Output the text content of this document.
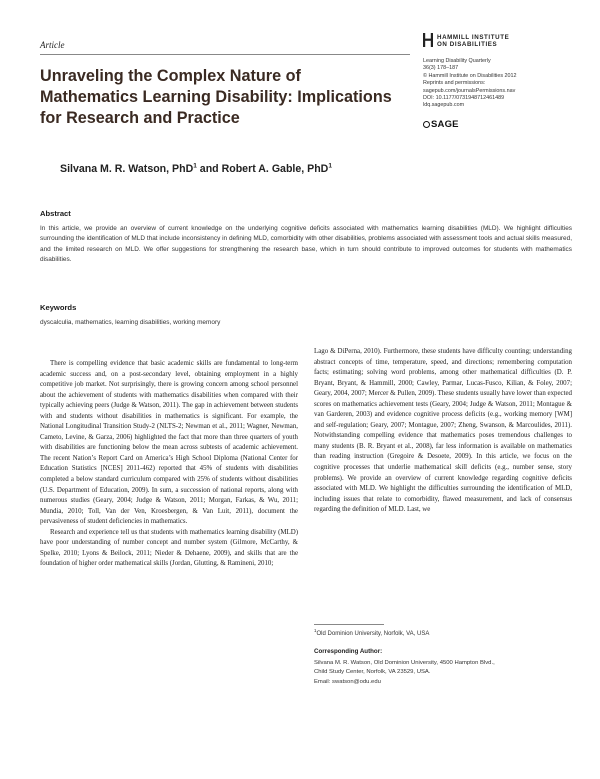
Article
HAMMILL INSTITUTE
ON DISABILITIES
Learning Disability Quarterly
36(3) 178–187
© Hammill Institute on Disabilities 2012
Reprints and permissions:
sagepub.com/journalsPermissions.nav
DOI: 10.1177/0731948712461489
ldq.sagepub.com
SAGE
Unraveling the Complex Nature of Mathematics Learning Disability: Implications for Research and Practice
Silvana M. R. Watson, PhD$^1$ and Robert A. Gable, PhD$^1$
Abstract
In this article, we provide an overview of current knowledge on the underlying cognitive deficits associated with mathematics learning disabilities (MLD). We highlight difficulties surrounding the identification of MLD that include inconsistency in defining MLD, comorbidity with other disabilities, problems associated with assessment tools and actual skills measured, and the limited research on MLD. We offer suggestions for strengthening the research base, which in turn should contribute to improved outcomes for students with mathematics disabilities.
Keywords
dyscalculia, mathematics, learning disabilities, working memory

There is compelling evidence that basic academic skills are fundamental to long-term academic success and, on a post-secondary level, obtaining employment in a highly competitive job market. Not surprisingly, there is growing concern among school personnel about the achievement of students with mathematics disabilities when compared with their typically achieving peers (Judge & Watson, 2011). The gap in achievement between students with and students without disabilities in mathematics is significant. For example, the National Longitudinal Transition Study-2 (NLTS-2; Newman et al., 2011; Wagner, Newman, Cameto, Levine, & Garza, 2006) highlighted the fact that more than three quarters of youth with disabilities are functioning below the mean across subtests of academic achievement. The recent Nation’s Report Card on America’s High School Diploma (National Center for Education Statistics [NCES] 2011-462) reported that 45% of students with disabilities completed a below standard curriculum compared with 25% of students without disabilities (U.S. Department of Education, 2009). In sum, a succession of national reports, along with numerous studies (Geary, 2004; Judge & Watson, 2011; Morgan, Farkas, & Wu, 2011; Mundia, 2010; Toll, Van der Ven, Kroesbergen, & Van Luit, 2011), document the pervasiveness of student deficiencies in mathematics.

Research and experience tell us that students with mathematics learning disability (MLD) have poor understanding of number concept and number system (Gilmore, McCarthy, & Spelke, 2010; Lyons & Beilock, 2011; Nieder & Dehaene, 2009), and skills that are the foundation of higher order mathematical skills (Jordan, Glutting, & Ramineni, 2010;

Lago & DiPerna, 2010). Furthermore, these students have difficulty counting; understanding abstract concepts of time, temperature, speed, and directions; remembering computation facts; estimating; solving word problems, among other mathematical difficulties (D. P. Bryant, Bryant, & Hammill, 2000; Cawley, Parmar, Lucas-Fusco, Kilian, & Foley, 2007; Geary, 2004, 2007; Mercer & Pullen, 2009). These students usually have lower than expected scores on mathematics achievement tests (Geary, 2004; Judge & Watson, 2011; Montague & van Garderen, 2003) and evidence cognitive process deficits (e.g., working memory [WM] and self-regulation; Geary, 2007; Montague, 2007; Zheng, Swanson, & Marcoulides, 2011). Notwithstanding compelling evidence that mathematics poses tremendous challenges to many students (B. R. Bryant et al., 2008), far less information is available on mathematics than reading instruction (Gregoire & Desoete, 2009). In this article, we focus on the cognitive processes that underlie mathematical skill deficits (e.g., number sense, story problems). We provide an overview of current knowledge regarding cognitive deficits associated with MLD. We highlight the difficulties surrounding the identification of MLD, including issues that relate to comorbidity, flawed measurement, and lack of consensus regarding the definition of MLD. Last, we

$^1$Old Dominion University, Norfolk, VA, USA
Corresponding Author:
Silvana M. R. Watson, Old Dominion University, 4500 Hampton Blvd.,
Child Study Center, Norfolk, VA 23529, USA.
Email: swatson@odu.edu
